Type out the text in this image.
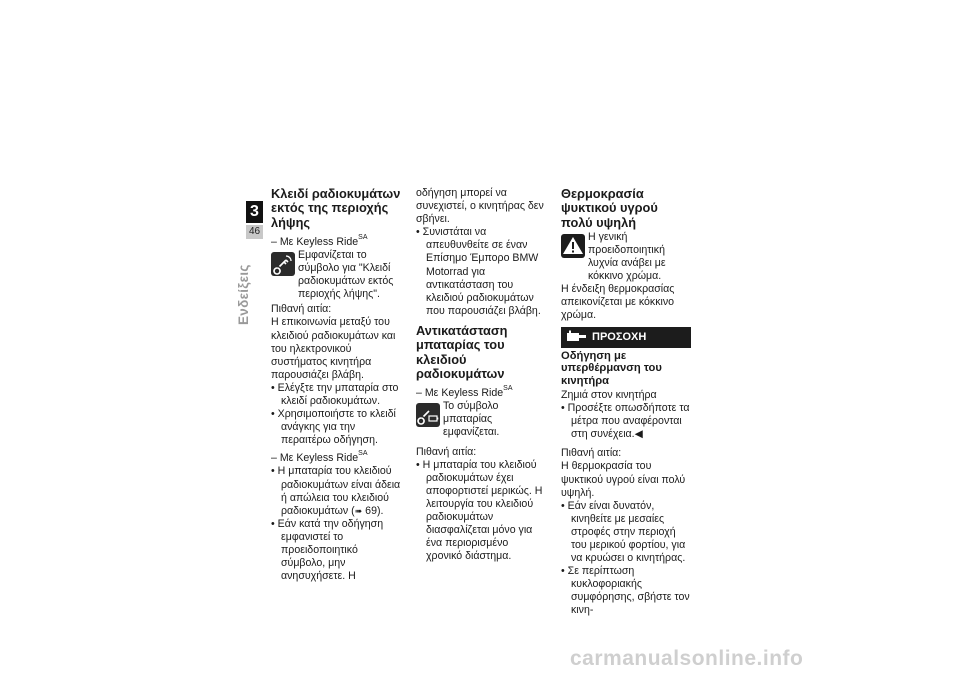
3
46
Ενδείξεις

Κλειδί ραδιοκυμάτων εκτός της περιοχής λήψης

– Με Keyless Ride$^{SA}$

Εμφανίζεται το σύμβολο για "Κλειδί ραδιοκυμάτων εκτός περιοχής λήψης".

Πιθανή αιτία:

Η επικοινωνία μεταξύ του κλειδιού ραδιοκυμάτων και του ηλεκτρονικού συστήματος κινητήρα παρουσιάζει βλάβη.

• Ελέγξτε την μπαταρία στο κλειδί ραδιοκυμάτων.

• Χρησιμοποιήστε το κλειδί ανάγκης για την περαιτέρω οδήγηση.

– Με Keyless Ride$^{SA}$

• Η μπαταρία του κλειδιού ραδιοκυμάτων είναι άδεια ή απώλεια του κλειδιού ραδιοκυμάτων (➠ 69).

• Εάν κατά την οδήγηση εμφανιστεί το προειδοποιητικό σύμβολο, μην ανησυχήσετε. Η

οδήγηση μπορεί να συνεχιστεί, ο κινητήρας δεν σβήνει.

• Συνιστάται να απευθυνθείτε σε έναν Επίσημο Έμπορο BMW Motorrad για αντικατάσταση του κλειδιού ραδιοκυμάτων που παρουσιάζει βλάβη.

Αντικατάσταση μπαταρίας του κλειδιού ραδιοκυμάτων

– Με Keyless Ride$^{SA}$

Το σύμβολο μπαταρίας εμφανίζεται.

Πιθανή αιτία:

• Η μπαταρία του κλειδιού ραδιοκυμάτων έχει αποφορτιστεί μερικώς. Η λειτουργία του κλειδιού ραδιοκυμάτων διασφαλίζεται μόνο για ένα περιορισμένο χρονικό διάστημα.

Θερμοκρασία ψυκτικού υγρού πολύ υψηλή

Η γενική προειδοποιητική λυχνία ανάβει με κόκκινο χρώμα.

Η ένδειξη θερμοκρασίας απεικονίζεται με κόκκινο χρώμα.

ΠΡΟΣΟΧΗ

Οδήγηση με υπερθέρμανση του κινητήρα

Ζημιά στον κινητήρα

• Προσέξτε οπωσδήποτε τα μέτρα που αναφέρονται στη συνέχεια.◀

Πιθανή αιτία:

Η θερμοκρασία του ψυκτικού υγρού είναι πολύ υψηλή.

• Εάν είναι δυνατόν, κινηθείτε με μεσαίες στροφές στην περιοχή του μερικού φορτίου, για να κρυώσει ο κινητήρας.

• Σε περίπτωση κυκλοφοριακής συμφόρησης, σβήστε τον κινη-

carmanualsonline.info
